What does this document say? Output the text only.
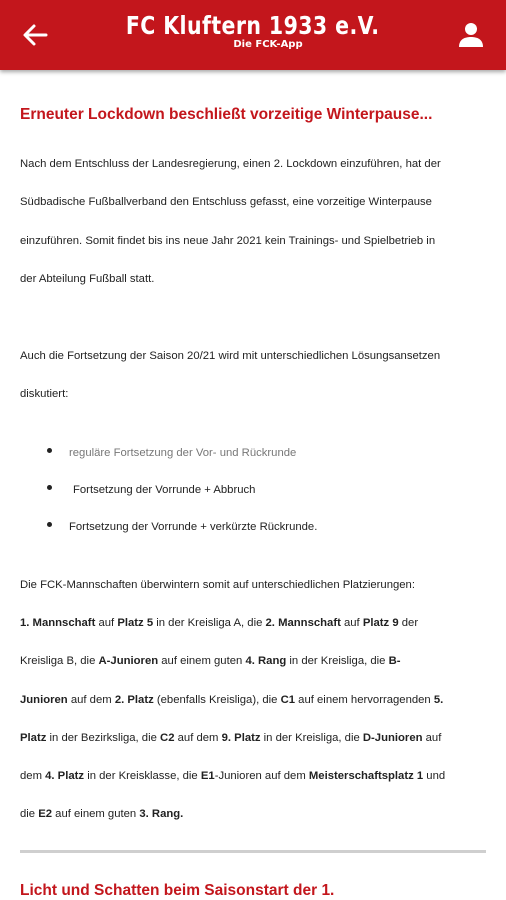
FC Kluftern 1933 e.V.
Die FCK-App
Erneuter Lockdown beschließt vorzeitige Winterpause...

Nach dem Entschluss der Landesregierung, einen 2. Lockdown einzuführen, hat der
Südbadische Fußballverband den Entschluss gefasst, eine vorzeitige Winterpause
einzuführen. Somit findet bis ins neue Jahr 2021 kein Trainings- und Spielbetrieb in
der Abteilung Fußball statt.

Auch die Fortsetzung der Saison 20/21 wird mit unterschiedlichen Lösungsansetzen
diskutiert:

reguläre Fortsetzung der Vor- und Rückrunde
Fortsetzung der Vorrunde + Abbruch
Fortsetzung der Vorrunde + verkürzte Rückrunde.

Die FCK-Mannschaften überwintern somit auf unterschiedlichen Platzierungen:

1. Mannschaft auf Platz 5 in der Kreisliga A, die 2. Mannschaft auf Platz 9 der
Kreisliga B, die A-Junioren auf einem guten 4. Rang in der Kreisliga, die B-
Junioren auf dem 2. Platz (ebenfalls Kreisliga), die C1 auf einem hervorragenden 5.
Platz in der Bezirksliga, die C2 auf dem 9. Platz in der Kreisliga, die D-Junioren auf
dem 4. Platz in der Kreisklasse, die E1-Junioren auf dem Meisterschaftsplatz 1 und
die E2 auf einem guten 3. Rang.

Licht und Schatten beim Saisonstart der 1.
